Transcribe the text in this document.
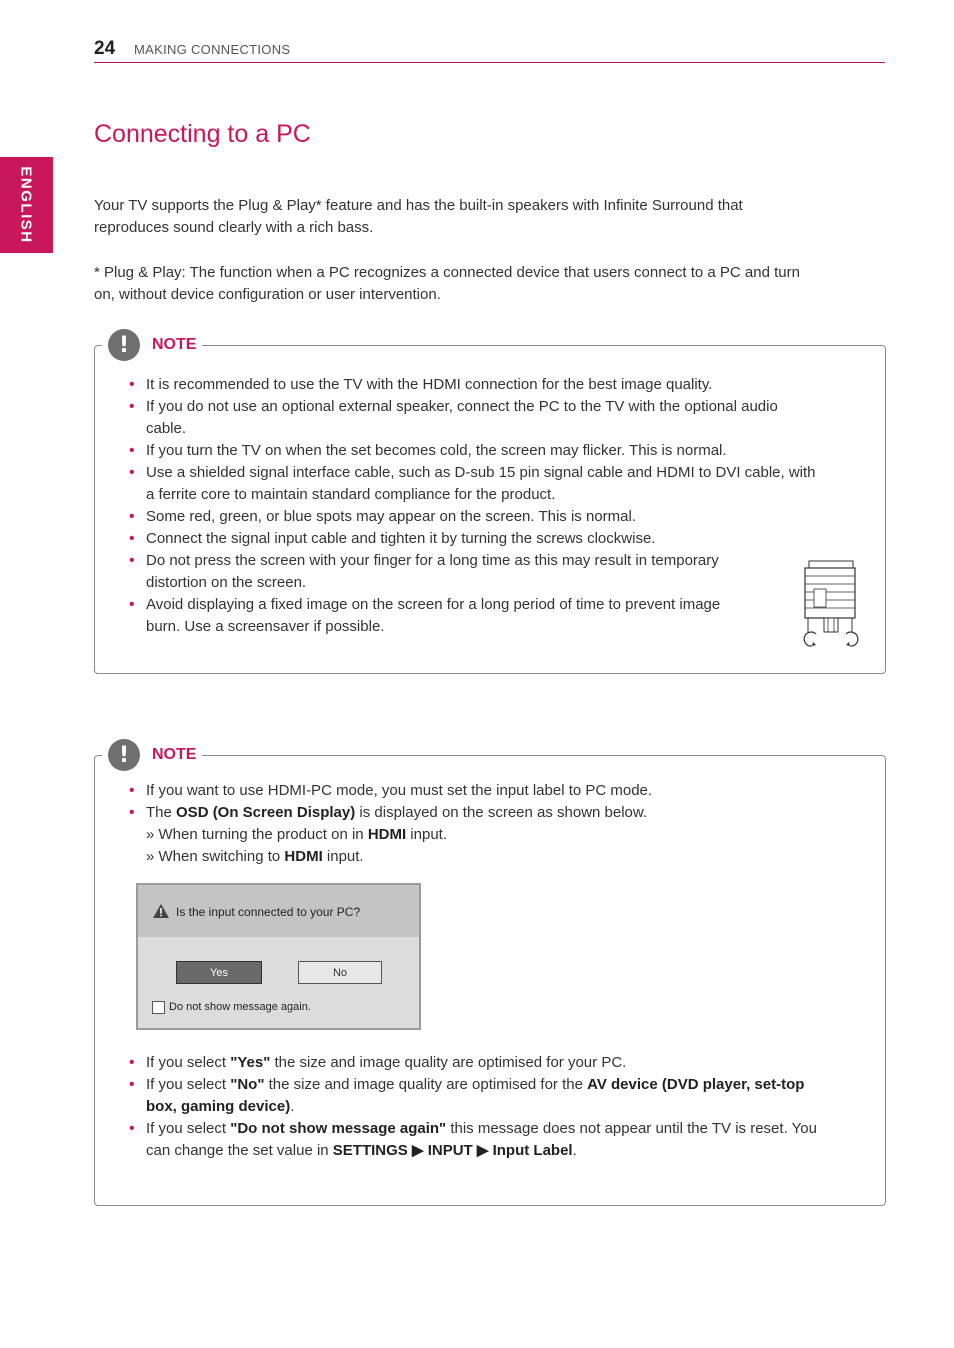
24 MAKING CONNECTIONS
ENGLISH
Connecting to a PC
Your TV supports the Plug & Play* feature and has the built-in speakers with Infinite Surround that
reproduces sound clearly with a rich bass.
* Plug & Play: The function when a PC recognizes a connected device that users connect to a PC and turn
on, without device configuration or user intervention.
!	NOTE
• It is recommended to use the TV with the HDMI connection for the best image quality.
• If you do not use an optional external speaker, connect the PC to the TV with the optional audio
cable.
• If you turn the TV on when the set becomes cold, the screen may flicker. This is normal.
• Use a shielded signal interface cable, such as D-sub 15 pin signal cable and HDMI to DVI cable, with
a ferrite core to maintain standard compliance for the product.
• Some red, green, or blue spots may appear on the screen. This is normal.
• Connect the signal input cable and tighten it by turning the screws clockwise.
• Do not press the screen with your finger for a long time as this may result in temporary
distortion on the screen.
• Avoid displaying a fixed image on the screen for a long period of time to prevent image
burn. Use a screensaver if possible.
!	NOTE
• If you want to use HDMI-PC mode, you must set the input label to PC mode.
• The OSD (On Screen Display) is displayed on the screen as shown below.
» When turning the product on in HDMI input.
» When switching to HDMI input.
Is the input connected to your PC?
Yes	No
Do not show message again.
• If you select "Yes" the size and image quality are optimised for your PC.
• If you select "No" the size and image quality are optimised for the AV device (DVD player, set-top
box, gaming device).
• If you select "Do not show message again" this message does not appear until the TV is reset. You
can change the set value in SETTINGS ▶ INPUT ▶ Input Label.
